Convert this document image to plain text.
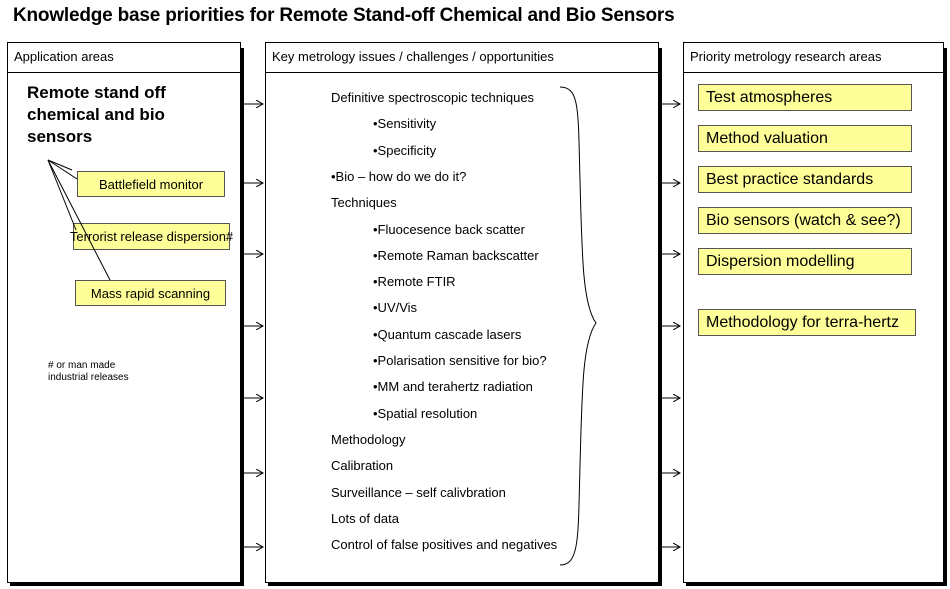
Knowledge base priorities for Remote Stand-off Chemical and Bio Sensors
Application areas
Remote stand off chemical and bio sensors
Battlefield monitor
Terrorist release dispersion#
Mass rapid scanning
# or man made
industrial releases
Key metrology issues / challenges / opportunities
Definitive spectroscopic techniques
•Sensitivity
•Specificity
•Bio – how do we do it?
Techniques
•Fluocesence back scatter
•Remote Raman backscatter
•Remote FTIR
•UV/Vis
•Quantum cascade lasers
•Polarisation sensitive for bio?
•MM and terahertz radiation
•Spatial resolution
Methodology
Calibration
Surveillance – self calivbration
Lots of data
Control of false positives and negatives
Priority metrology research areas
Test atmospheres
Method valuation
Best practice standards
Bio sensors (watch & see?)
Dispersion modelling
Methodology for terra-hertz
